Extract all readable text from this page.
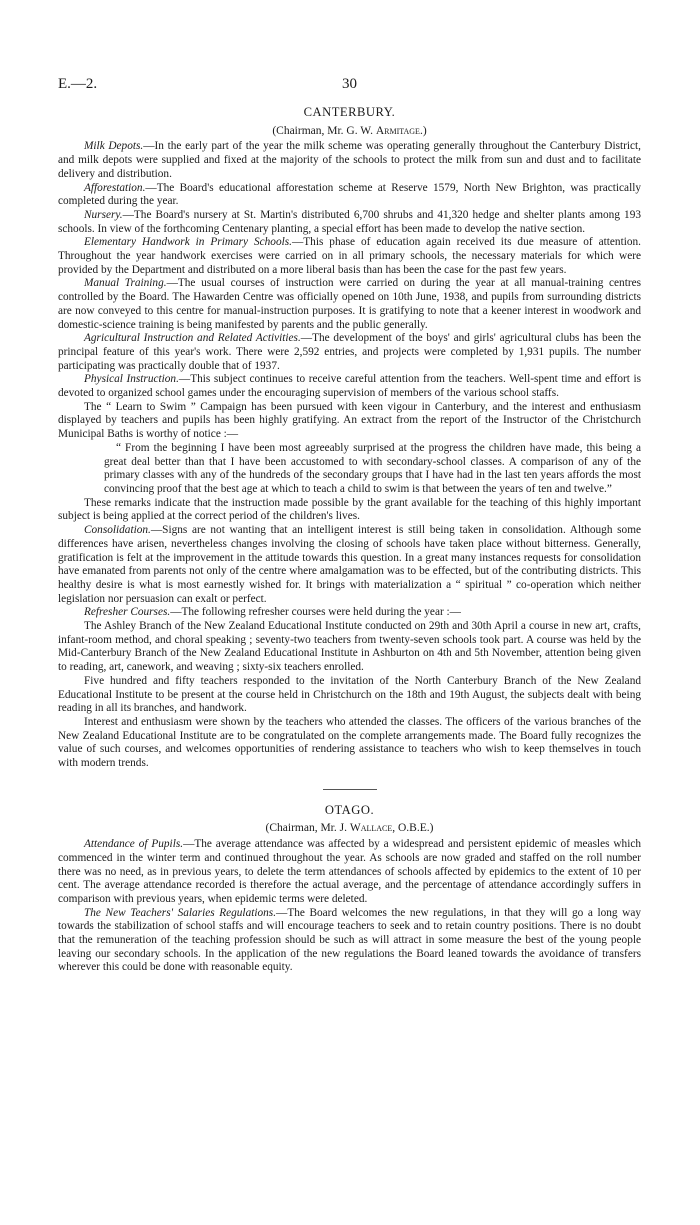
E.—2.	30
CANTERBURY.
(Chairman, Mr. G. W. Armitage.)

Milk Depots.—In the early part of the year the milk scheme was operating generally throughout the Canterbury District, and milk depots were supplied and fixed at the majority of the schools to protect the milk from sun and dust and to facilitate delivery and distribution.

Afforestation.—The Board's educational afforestation scheme at Reserve 1579, North New Brighton, was practically completed during the year.

Nursery.—The Board's nursery at St. Martin's distributed 6,700 shrubs and 41,320 hedge and shelter plants among 193 schools. In view of the forthcoming Centenary planting, a special effort has been made to develop the native section.

Elementary Handwork in Primary Schools.—This phase of education again received its due measure of attention. Throughout the year handwork exercises were carried on in all primary schools, the necessary materials for which were provided by the Department and distributed on a more liberal basis than has been the case for the past few years.

Manual Training.—The usual courses of instruction were carried on during the year at all manual-training centres controlled by the Board. The Hawarden Centre was officially opened on 10th June, 1938, and pupils from surrounding districts are now conveyed to this centre for manual-instruction purposes. It is gratifying to note that a keener interest in woodwork and domestic-science training is being manifested by parents and the public generally.

Agricultural Instruction and Related Activities.—The development of the boys' and girls' agricultural clubs has been the principal feature of this year's work. There were 2,592 entries, and projects were completed by 1,931 pupils. The number participating was practically double that of 1937.

Physical Instruction.—This subject continues to receive careful attention from the teachers. Well-spent time and effort is devoted to organized school games under the encouraging supervision of members of the various school staffs.

The “ Learn to Swim ” Campaign has been pursued with keen vigour in Canterbury, and the interest and enthusiasm displayed by teachers and pupils has been highly gratifying. An extract from the report of the Instructor of the Christchurch Municipal Baths is worthy of notice :—

“ From the beginning I have been most agreeably surprised at the progress the children have made, this being a great deal better than that I have been accustomed to with secondary-school classes. A comparison of any of the primary classes with any of the hundreds of the secondary groups that I have had in the last ten years affords the most convincing proof that the best age at which to teach a child to swim is that between the years of ten and twelve.”

These remarks indicate that the instruction made possible by the grant available for the teaching of this highly important subject is being applied at the correct period of the children's lives.

Consolidation.—Signs are not wanting that an intelligent interest is still being taken in consolidation. Although some differences have arisen, nevertheless changes involving the closing of schools have taken place without bitterness. Generally, gratification is felt at the improvement in the attitude towards this question. In a great many instances requests for consolidation have emanated from parents not only of the centre where amalgamation was to be effected, but of the contributing districts. This healthy desire is what is most earnestly wished for. It brings with materialization a “ spiritual ” co-operation which neither legislation nor persuasion can exalt or perfect.

Refresher Courses.—The following refresher courses were held during the year :—

The Ashley Branch of the New Zealand Educational Institute conducted on 29th and 30th April a course in new art, crafts, infant-room method, and choral speaking ; seventy-two teachers from twenty-seven schools took part. A course was held by the Mid-Canterbury Branch of the New Zealand Educational Institute in Ashburton on 4th and 5th November, attention being given to reading, art, canework, and weaving ; sixty-six teachers enrolled.

Five hundred and fifty teachers responded to the invitation of the North Canterbury Branch of the New Zealand Educational Institute to be present at the course held in Christchurch on the 18th and 19th August, the subjects dealt with being reading in all its branches, and handwork.

Interest and enthusiasm were shown by the teachers who attended the classes. The officers of the various branches of the New Zealand Educational Institute are to be congratulated on the complete arrangements made. The Board fully recognizes the value of such courses, and welcomes opportunities of rendering assistance to teachers who wish to keep themselves in touch with modern trends.

OTAGO.
(Chairman, Mr. J. Wallace, O.B.E.)

Attendance of Pupils.—The average attendance was affected by a widespread and persistent epidemic of measles which commenced in the winter term and continued throughout the year. As schools are now graded and staffed on the roll number there was no need, as in previous years, to delete the term attendances of schools affected by epidemics to the extent of 10 per cent. The average attendance recorded is therefore the actual average, and the percentage of attendance accordingly suffers in comparison with previous years, when epidemic terms were deleted.

The New Teachers' Salaries Regulations.—The Board welcomes the new regulations, in that they will go a long way towards the stabilization of school staffs and will encourage teachers to seek and to retain country positions. There is no doubt that the remuneration of the teaching profession should be such as will attract in some measure the best of the young people leaving our secondary schools. In the application of the new regulations the Board leaned towards the avoidance of transfers wherever this could be done with reasonable equity.
